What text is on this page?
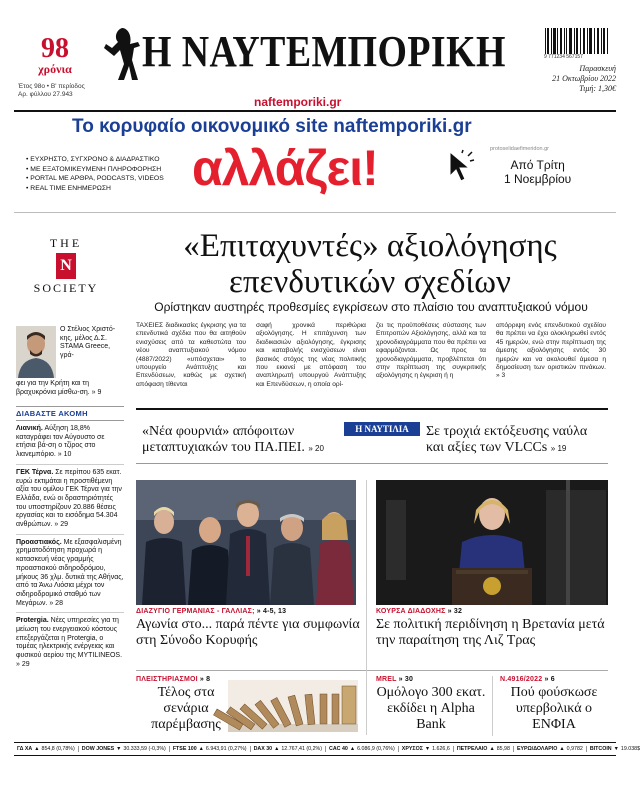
98
χρόνια
Έτος 98ο • Β' περίοδος
Αρ. φύλλου 27.943
Η ΝΑΥΤΕΜΠΟΡΙΚΗ
naftemporiki.gr
9 771234 567157
Παρασκευή
21 Οκτωβρίου 2022
Τιμή: 1,30€
Το κορυφαίο οικονομικό site naftemporiki.gr
• ΕΥΧΡΗΣΤΟ, ΣΥΓΧΡΟΝΟ & ΔΙΑΔΡΑΣΤΙΚΟ
• ΜΕ ΕΞΑΤΟΜΙΚΕΥΜΕΝΗ ΠΛΗΡΟΦΟΡΗΣΗ
• PORTAL ΜΕ ΑΡΘΡΑ, PODCASTS, VIDEOS
• REAL TIME ΕΝΗΜΕΡΩΣΗ	αλλάζει!	protoselidaefimeridon.gr
Από Τρίτη
1 Νοεμβρίου
THE
N
SOCIETY
Ο Στέλιος Χριστό-κης, μέλος Δ.Σ. STAMA Greece, γρά-
φει για την Κρήτη και τη βραχυκρόνια μίσθω-ση. » 9
ΔΙΑΒΑΣΤΕ ΑΚΟΜΗ
Λιανική. Αύξηση 18,8% καταγράφει τον Αύγουστο σε ετήσια βά-ση ο τζίρος στο λιανεμπόριο. » 10
ΓΕΚ Τέρνα. Σε περίπου 635 εκατ. ευρώ εκτιμάται η προστιθέμενη αξία του ομίλου ΓΕΚ Τέρνα για την Ελλάδα, ενώ οι δραστηριότητές του υποστηρίζουν 20.886 θέσεις εργασίας και το εισόδημα 54.304 ανθρώπων. » 29
Προαστιακός. Με εξασφαλισμένη χρηματοδότηση προχωρά η κατασκευή νέας γραμμής προαστιακού σιδηροδρόμου, μήκους 36 χλμ. δυτικά της Αθήνας, από τα Άνω Λιόσια μέχρι τον σιδηροδρομικό σταθμό των Μεγάρων. » 28
Protergia. Νέες υπηρεσίες για τη μείωση του ενεργειακού κόστους επεξεργάζεται η Protergia, ο τομέας ηλεκτρικής ενέργειας και φυσικού αερίου της MYTILINEOS. » 29
«Επιταχυντές» αξιολόγησης
επενδυτικών σχεδίων
Ορίστηκαν αυστηρές προθεσμίες εγκρίσεων στο πλαίσιο του αναπτυξιακού νόμου

ΤΑΧΕΙΕΣ διαδικασίες έγκρισης για τα επενδυτικά σχέδια που θα αιτηθούν ενισχύσεις από τα καθεστώτα του νέου αναπτυξιακού νόμου (4887/2022) «υπόσχεται» το υπουργείο Ανάπτυξης και Επενδύσεων, καθώς με σχετική απόφαση τίθενται

σαφή χρονικά περιθώρια αξιολόγησης. Η επιτάχυνση των διαδικασιών αξιολόγησης, έγκρισης και καταβολής ενισχύσεων είναι βασικός στόχος της νέας πολιτικής που εκκινεί με απόφαση του αναπληρωτή υπουργού Ανάπτυξης και Επενδύσεων, η οποία ορί-

ζει τις προϋποθέσεις σύστασης των Επιτροπών Αξιολόγησης, αλλά και τα χρονοδιαγράμματα που θα πρέπει να εφαρμόζονται. Ως προς τα χρονοδιαγράμματα, προβλέπεται ότι στην περίπτωση της συγκριτικής αξιολόγησης η έγκριση ή η

απόρριψη ενός επενδυτικού σχεδίου θα πρέπει να έχει ολοκληρωθεί εντός 45 ημερών, ενώ στην περίπτωση της άμεσης αξιολόγησης εντός 30 ημερών και να ακολουθεί άμεσα η δημοσίευση των οριστικών πινάκων. » 3

«Νέα φουρνιά» απόφοιτων μεταπτυχιακών του ΠΑ.ΠΕΙ. » 20
Η ΝΑΥΤΙΛΙΑ	Σε τροχιά εκτόξευσης ναύλα και αξίες των VLCCs » 19
ΔΙΑΖΥΓΙΟ ΓΕΡΜΑΝΙΑΣ - ΓΑΛΛΙΑΣ; » 4-5, 13
Αγωνία στο... παρά πέντε για συμφωνία στη Σύνοδο Κορυφής
ΚΟΥΡΣΑ ΔΙΑΔΟΧΗΣ » 32
Σε πολιτική περιδίνηση η Βρετανία μετά την παραίτηση της Λιζ Τρας
ΠΛΕΙΣΤΗΡΙΑΣΜΟΙ » 8
Τέλος στα σενάρια παρέμβασης
MREL » 30
Ομόλογο 300 εκατ. εκδίδει η Alpha Bank
Ν.4916/2022 » 6
Πού φούσκωσε υπερβολικά ο ΕΝΦΙΑ
ΓΔ ΧΑ ▲ 854,8 (0,78%) DOW JONES ▼ 30.333,59 (-0,3%) FTSE 100 ▲ 6.943,91 (0,27%) DAX 30 ▲ 12.767,41 (0,2%) CAC 40 ▲ 6.086,9 (0,76%) ΧΡΥΣΟΣ ▼ 1.626,6 ΠΕΤΡΕΛΑΙΟ ▲ 85,98 ΕΥΡΩ/ΔΟΛΑΡΙΟ ▲ 0,9782 BITCOIN ▼ 19.038$
